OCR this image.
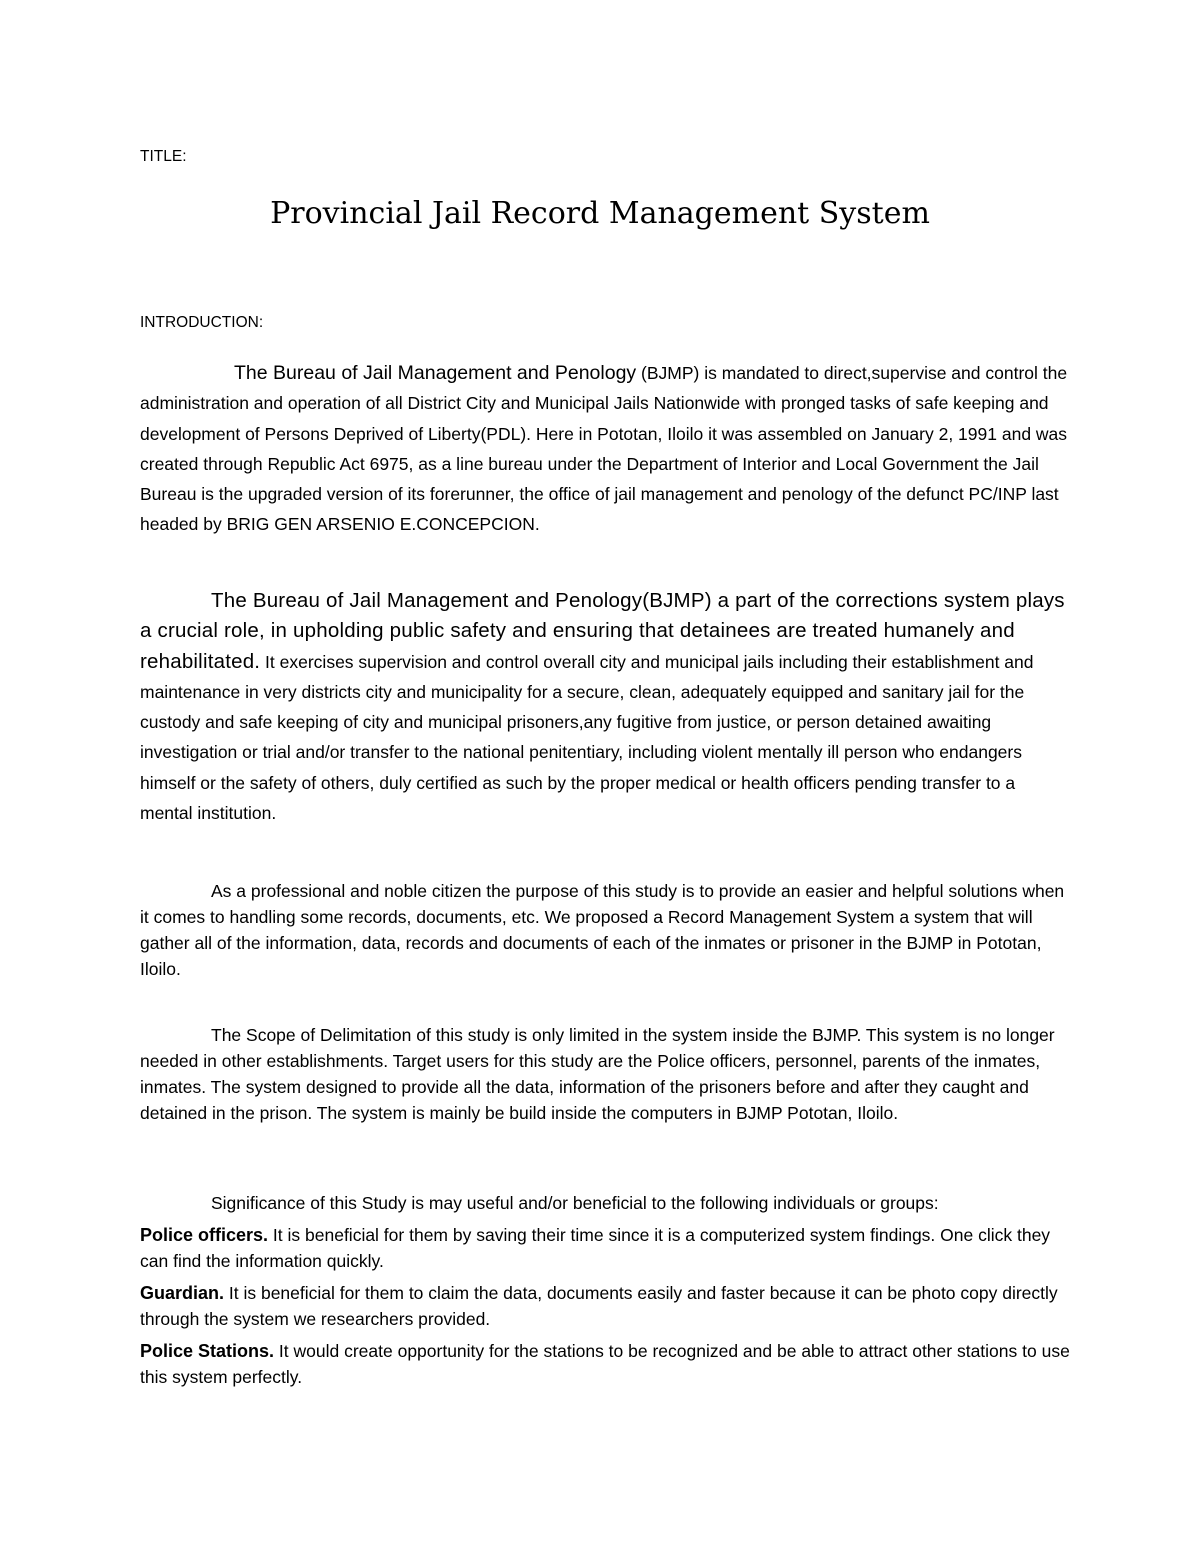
TITLE:
Provincial Jail Record Management System
INTRODUCTION:
The Bureau of Jail Management and Penology (BJMP) is mandated to direct,supervise and control the administration and operation of all District City and Municipal Jails Nationwide with pronged tasks of safe keeping and development of Persons Deprived of Liberty(PDL). Here in Pototan, Iloilo it was assembled on January 2, 1991 and was created through Republic Act 6975, as a line bureau under the Department of Interior and Local Government the Jail Bureau is the upgraded version of its forerunner, the office of jail management and penology of the defunct PC/INP last headed by BRIG GEN ARSENIO E.CONCEPCION.
The Bureau of Jail Management and Penology(BJMP) a part of the corrections system plays a crucial role, in upholding public safety and ensuring that detainees are treated humanely and rehabilitated. It exercises supervision and control overall city and municipal jails including their establishment and maintenance in very districts city and municipality for a secure, clean, adequately equipped and sanitary jail for the custody and safe keeping of city and municipal prisoners,any fugitive from justice, or person detained awaiting investigation or trial and/or transfer to the national penitentiary, including violent mentally ill person who endangers himself or the safety of others, duly certified as such by the proper medical or health officers pending transfer to a mental institution.
As a professional and noble citizen the purpose of this study is to provide an easier and helpful solutions when it comes to handling some records, documents, etc. We proposed a Record Management System a system that will gather all of the information, data, records and documents of each of the inmates or prisoner in the BJMP in Pototan, Iloilo.
The Scope of Delimitation of this study is only limited in the system inside the BJMP. This system is no longer needed in other establishments. Target users for this study are the Police officers, personnel, parents of the inmates, inmates. The system designed to provide all the data, information of the prisoners before and after they caught and detained in the prison. The system is mainly be build inside the computers in BJMP Pototan, Iloilo.
Significance of this Study is may useful and/or beneficial to the following individuals or groups:
Police officers. It is beneficial for them by saving their time since it is a computerized system findings. One click they can find the information quickly.
Guardian. It is beneficial for them to claim the data, documents easily and faster because it can be photo copy directly through the system we researchers provided.
Police Stations. It would create opportunity for the stations to be recognized and be able to attract other stations to use this system perfectly.
